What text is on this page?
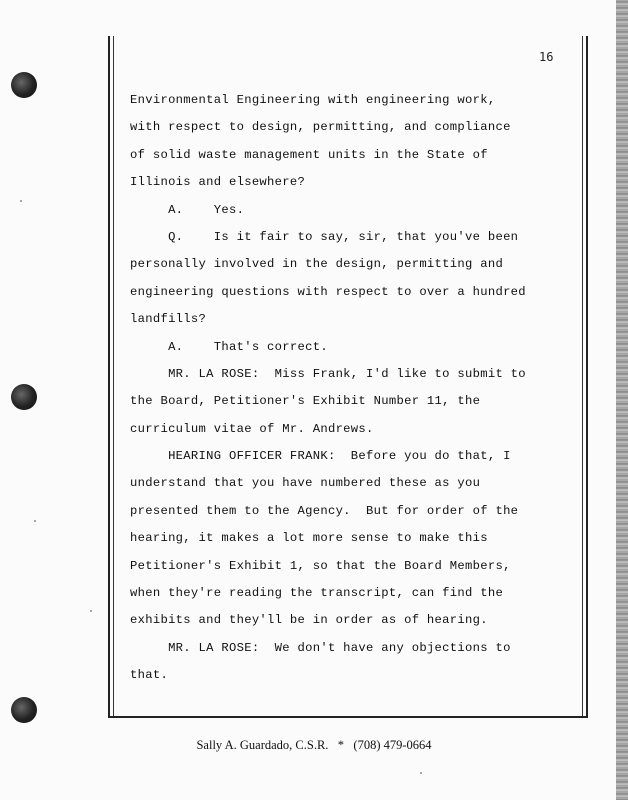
16
Environmental Engineering with engineering work,
with respect to design, permitting, and compliance
of solid waste management units in the State of
Illinois and elsewhere?
A.    Yes.
Q.    Is it fair to say, sir, that you've been
personally involved in the design, permitting and
engineering questions with respect to over a hundred
landfills?
A.    That's correct.
MR. LA ROSE:  Miss Frank, I'd like to submit to
the Board, Petitioner's Exhibit Number 11, the
curriculum vitae of Mr. Andrews.
HEARING OFFICER FRANK:  Before you do that, I
understand that you have numbered these as you
presented them to the Agency.  But for order of the
hearing, it makes a lot more sense to make this
Petitioner's Exhibit 1, so that the Board Members,
when they're reading the transcript, can find the
exhibits and they'll be in order as of hearing.
MR. LA ROSE:  We don't have any objections to
that.
Sally A. Guardado, C.S.R.   *   (708) 479-0664
